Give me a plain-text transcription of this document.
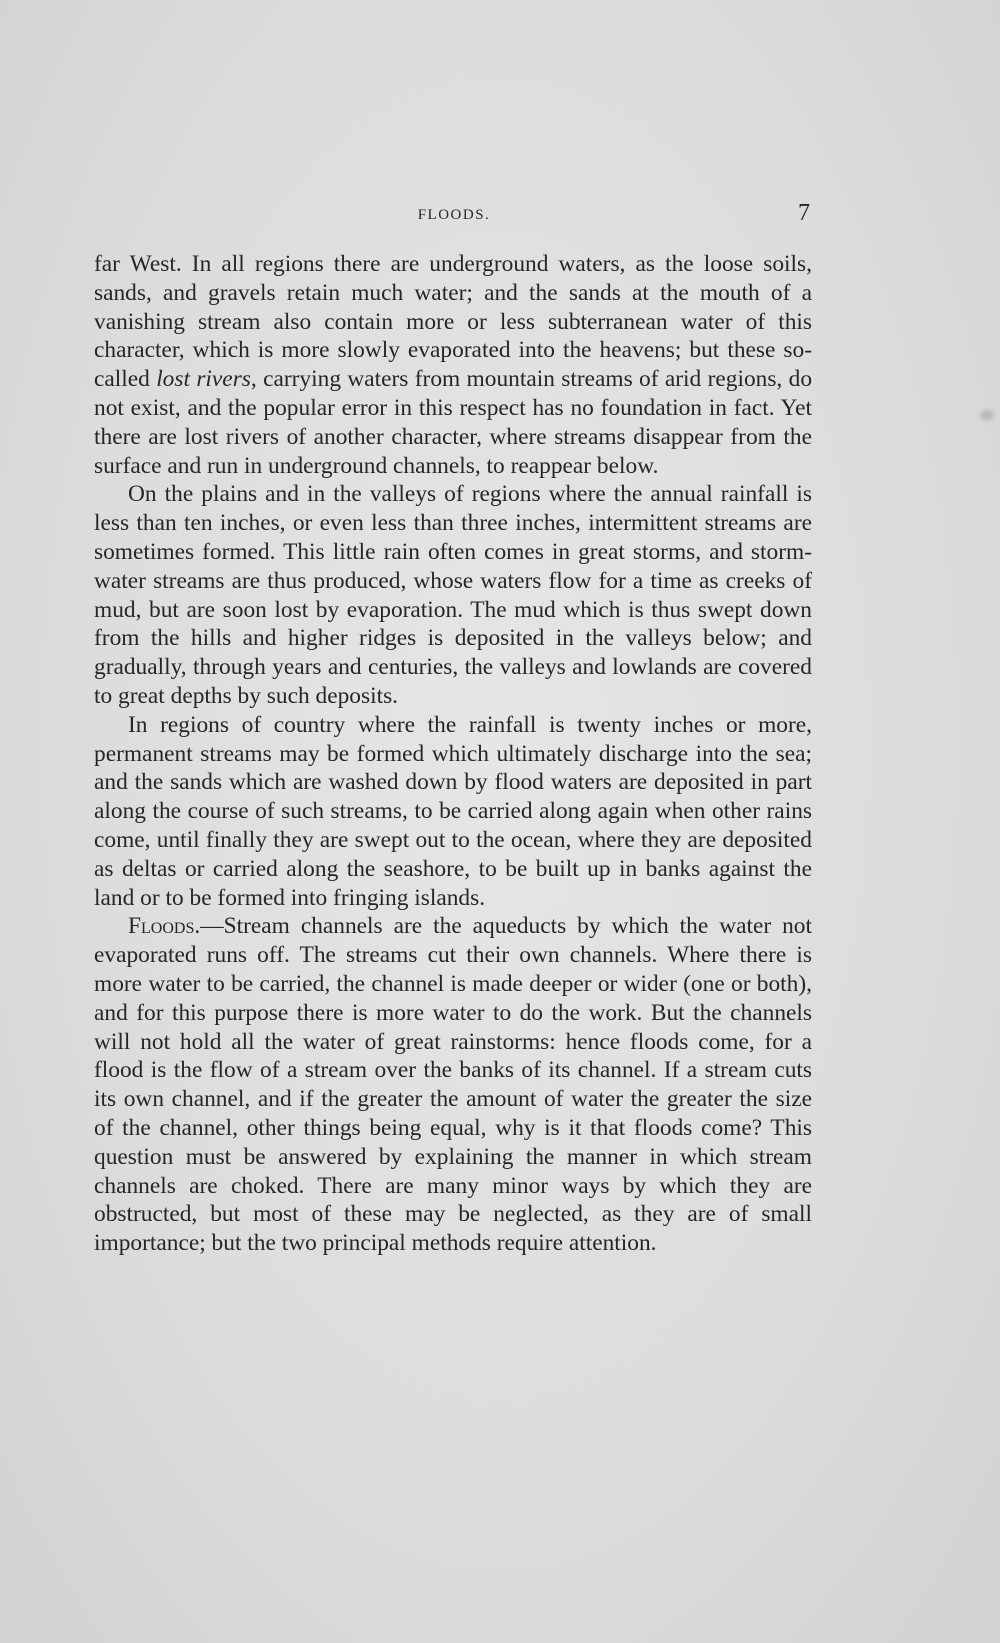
FLOODS.	7

far West. In all regions there are underground waters, as the loose soils, sands, and gravels retain much water; and the sands at the mouth of a vanishing stream also contain more or less subterranean water of this character, which is more slowly evaporated into the heavens; but these so-called lost rivers, carrying waters from mountain streams of arid regions, do not exist, and the popular error in this respect has no foundation in fact. Yet there are lost rivers of another character, where streams disappear from the surface and run in underground channels, to reappear below.

On the plains and in the valleys of regions where the annual rainfall is less than ten inches, or even less than three inches, intermittent streams are sometimes formed. This little rain often comes in great storms, and storm-water streams are thus produced, whose waters flow for a time as creeks of mud, but are soon lost by evaporation. The mud which is thus swept down from the hills and higher ridges is deposited in the valleys below; and gradually, through years and centuries, the valleys and lowlands are covered to great depths by such deposits.

In regions of country where the rainfall is twenty inches or more, permanent streams may be formed which ultimately discharge into the sea; and the sands which are washed down by flood waters are deposited in part along the course of such streams, to be carried along again when other rains come, until finally they are swept out to the ocean, where they are deposited as deltas or carried along the seashore, to be built up in banks against the land or to be formed into fringing islands.

Floods.—Stream channels are the aqueducts by which the water not evaporated runs off. The streams cut their own channels. Where there is more water to be carried, the channel is made deeper or wider (one or both), and for this purpose there is more water to do the work. But the channels will not hold all the water of great rainstorms: hence floods come, for a flood is the flow of a stream over the banks of its channel. If a stream cuts its own channel, and if the greater the amount of water the greater the size of the channel, other things being equal, why is it that floods come? This question must be answered by explaining the manner in which stream channels are choked. There are many minor ways by which they are obstructed, but most of these may be neglected, as they are of small importance; but the two principal methods require attention.
